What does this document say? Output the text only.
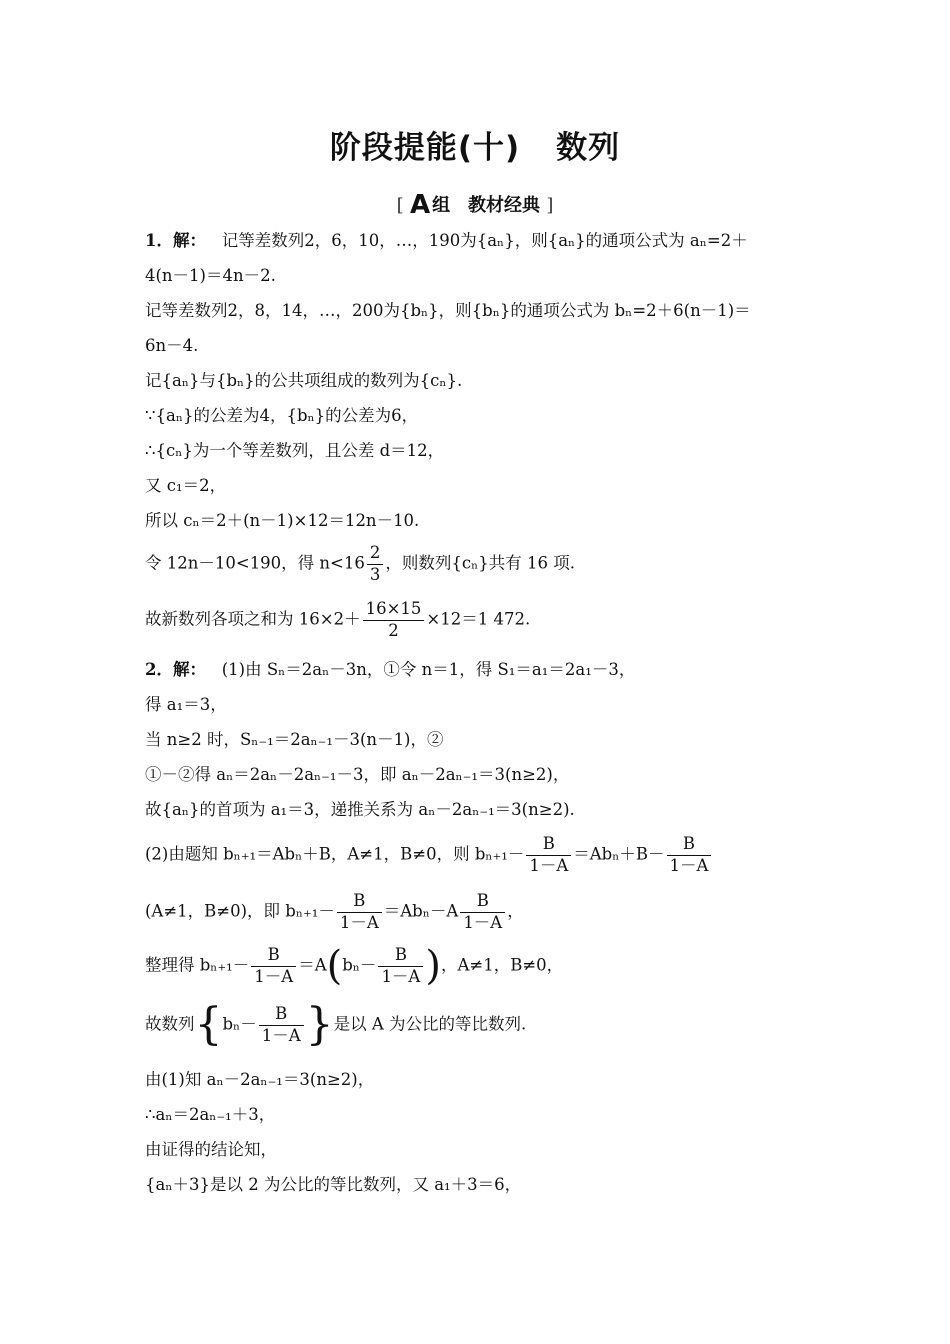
阶段提能(十) 数列
[ A 组　教材经典 ]
1．解： 记等差数列2，6，10，…，190为{aₙ}，则{aₙ}的通项公式为 aₙ=2＋
4(n－1)＝4n－2.
记等差数列2，8，14，…，200为{bₙ}，则{bₙ}的通项公式为 bₙ=2＋6(n－1)＝
6n－4.
记{aₙ}与{bₙ}的公共项组成的数列为{cₙ}.
∵{aₙ}的公差为4，{bₙ}的公差为6，
∴{cₙ}为一个等差数列，且公差 d＝12，
又 c₁＝2，
所以 cₙ＝2＋(n－1)×12＝12n－10.
令 12n－10<190，得 $n<16 \frac{2}{3}$ ，则数列{cₙ}共有 16 项.
故新数列各项之和为 $16\times 2+ \frac{16\times 15}{2} \times 12=1$ 472.
2．解： (1)由 Sₙ＝2aₙ－3n，①令 n＝1，得 S₁＝a₁＝2a₁－3，
得 a₁＝3，
当 n≥2 时，Sₙ₋₁＝2aₙ₋₁－3(n－1)，②
①－②得 aₙ＝2aₙ－2aₙ₋₁－3，即 aₙ－2aₙ₋₁＝3(n≥2)，
故{aₙ}的首项为 a₁＝3，递推关系为 aₙ－2aₙ₋₁＝3(n≥2).
(2)由题知 bₙ₊₁＝Abₙ＋B，A≠1，B≠0，则 $b_{n+1}- \frac{B}{1-A} =Ab_n+B- \frac{B}{1-A}$
(A≠1，B≠0)，即 $b_{n+1}- \frac{B}{1-A} =Ab_n-A \frac{B}{1-A}$ ，
整理得 $b_{n+1}- \frac{B}{1-A} =A(b_n- \frac{B}{1-A}$ )，A≠1，B≠0，
故数列{$b_n- \frac{B}{1-A}$ }是以 A 为公比的等比数列.
由(1)知 aₙ－2aₙ₋₁＝3(n≥2)，
∴aₙ＝2aₙ₋₁＋3，
由证得的结论知，
{aₙ＋3}是以 2 为公比的等比数列，又 a₁＋3＝6，
